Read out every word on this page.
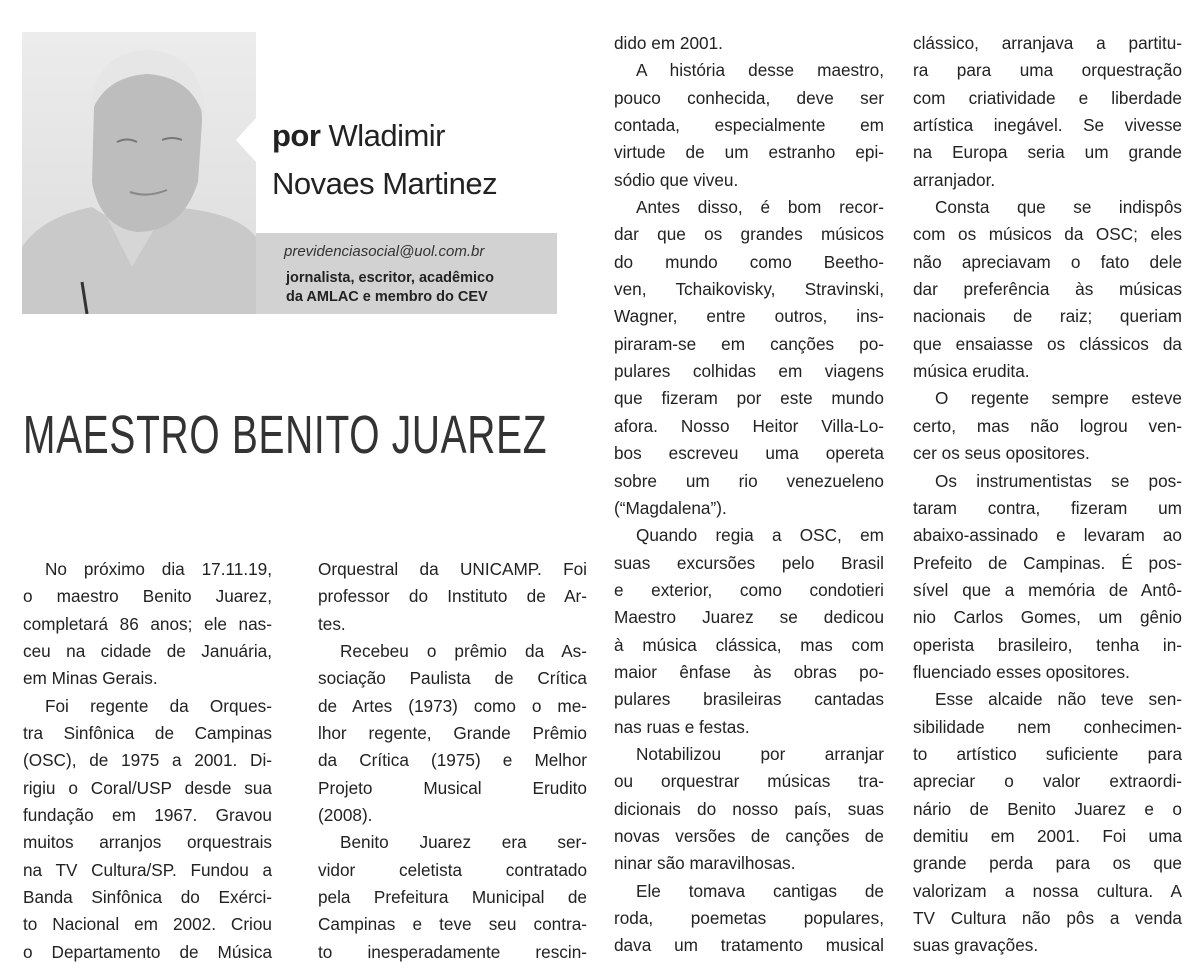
por Wladimir
Novaes Martinez
previdenciasocial@uol.com.br
jornalista, escritor, acadêmico
da AMLAC e membro do CEV
MAESTRO BENITO JUAREZ
No próximo dia 17.11.19,
o maestro Benito Juarez,
completará 86 anos; ele nas-
ceu na cidade de Januária,
em Minas Gerais.
Foi regente da Orques-
tra Sinfônica de Campinas
(OSC), de 1975 a 2001. Di-
rigiu o Coral/USP desde sua
fundação em 1967. Gravou
muitos arranjos orquestrais
na TV Cultura/SP. Fundou a
Banda Sinfônica do Exérci-
to Nacional em 2002. Criou
o Departamento de Música
Orquestral da UNICAMP. Foi
professor do Instituto de Ar-
tes.
Recebeu o prêmio da As-
sociação Paulista de Crítica
de Artes (1973) como o me-
lhor regente, Grande Prêmio
da Crítica (1975) e Melhor
Projeto Musical Erudito
(2008).
Benito Juarez era ser-
vidor celetista contratado
pela Prefeitura Municipal de
Campinas e teve seu contra-
to inesperadamente rescin-
dido em 2001.
A história desse maestro,
pouco conhecida, deve ser
contada, especialmente em
virtude de um estranho epi-
sódio que viveu.
Antes disso, é bom recor-
dar que os grandes músicos
do mundo como Beetho-
ven, Tchaikovisky, Stravinski,
Wagner, entre outros, ins-
piraram-se em canções po-
pulares colhidas em viagens
que fizeram por este mundo
afora. Nosso Heitor Villa-Lo-
bos escreveu uma opereta
sobre um rio venezueleno
(“Magdalena”).
Quando regia a OSC, em
suas excursões pelo Brasil
e exterior, como condotieri
Maestro Juarez se dedicou
à música clássica, mas com
maior ênfase às obras po-
pulares brasileiras cantadas
nas ruas e festas.
Notabilizou por arranjar
ou orquestrar músicas tra-
dicionais do nosso país, suas
novas versões de canções de
ninar são maravilhosas.
Ele tomava cantigas de
roda, poemetas populares,
dava um tratamento musical
clássico, arranjava a partitu-
ra para uma orquestração
com criatividade e liberdade
artística inegável. Se vivesse
na Europa seria um grande
arranjador.
Consta que se indispôs
com os músicos da OSC; eles
não apreciavam o fato dele
dar preferência às músicas
nacionais de raiz; queriam
que ensaiasse os clássicos da
música erudita.
O regente sempre esteve
certo, mas não logrou ven-
cer os seus opositores.
Os instrumentistas se pos-
taram contra, fizeram um
abaixo-assinado e levaram ao
Prefeito de Campinas. É pos-
sível que a memória de Antô-
nio Carlos Gomes, um gênio
operista brasileiro, tenha in-
fluenciado esses opositores.
Esse alcaide não teve sen-
sibilidade nem conhecimen-
to artístico suficiente para
apreciar o valor extraordi-
nário de Benito Juarez e o
demitiu em 2001. Foi uma
grande perda para os que
valorizam a nossa cultura. A
TV Cultura não pôs a venda
suas gravações.
